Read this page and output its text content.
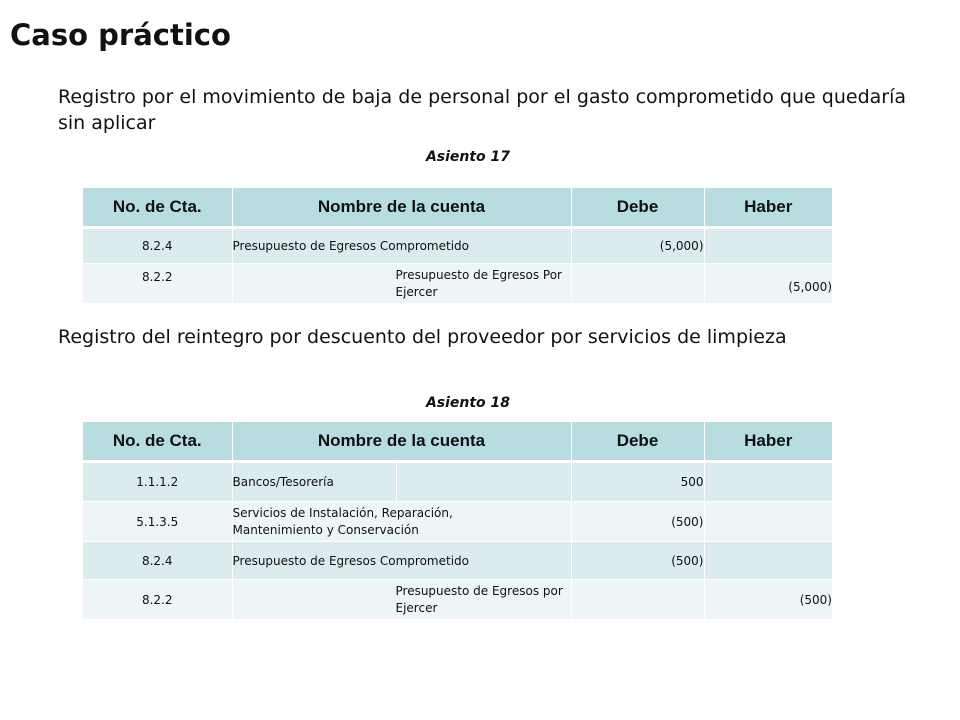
Caso práctico
Registro por el movimiento de baja de personal por el gasto comprometido que quedaría sin aplicar
Asiento 17
No. de Cta.	Nombre de la cuenta	Debe	Haber
8.2.4	Presupuesto de Egresos Comprometido	(5,000)	
8.2.2	Presupuesto de Egresos Por Ejercer		(5,000)
Registro del reintegro por descuento del proveedor por servicios de limpieza
Asiento 18
No. de Cta.	Nombre de la cuenta	Debe	Haber
1.1.1.2	Bancos/Tesorería	500	
5.1.3.5	Servicios de Instalación, Reparación, Mantenimiento y Conservación	(500)	
8.2.4	Presupuesto de Egresos Comprometido	(500)	
8.2.2	Presupuesto de Egresos por Ejercer		(500)
